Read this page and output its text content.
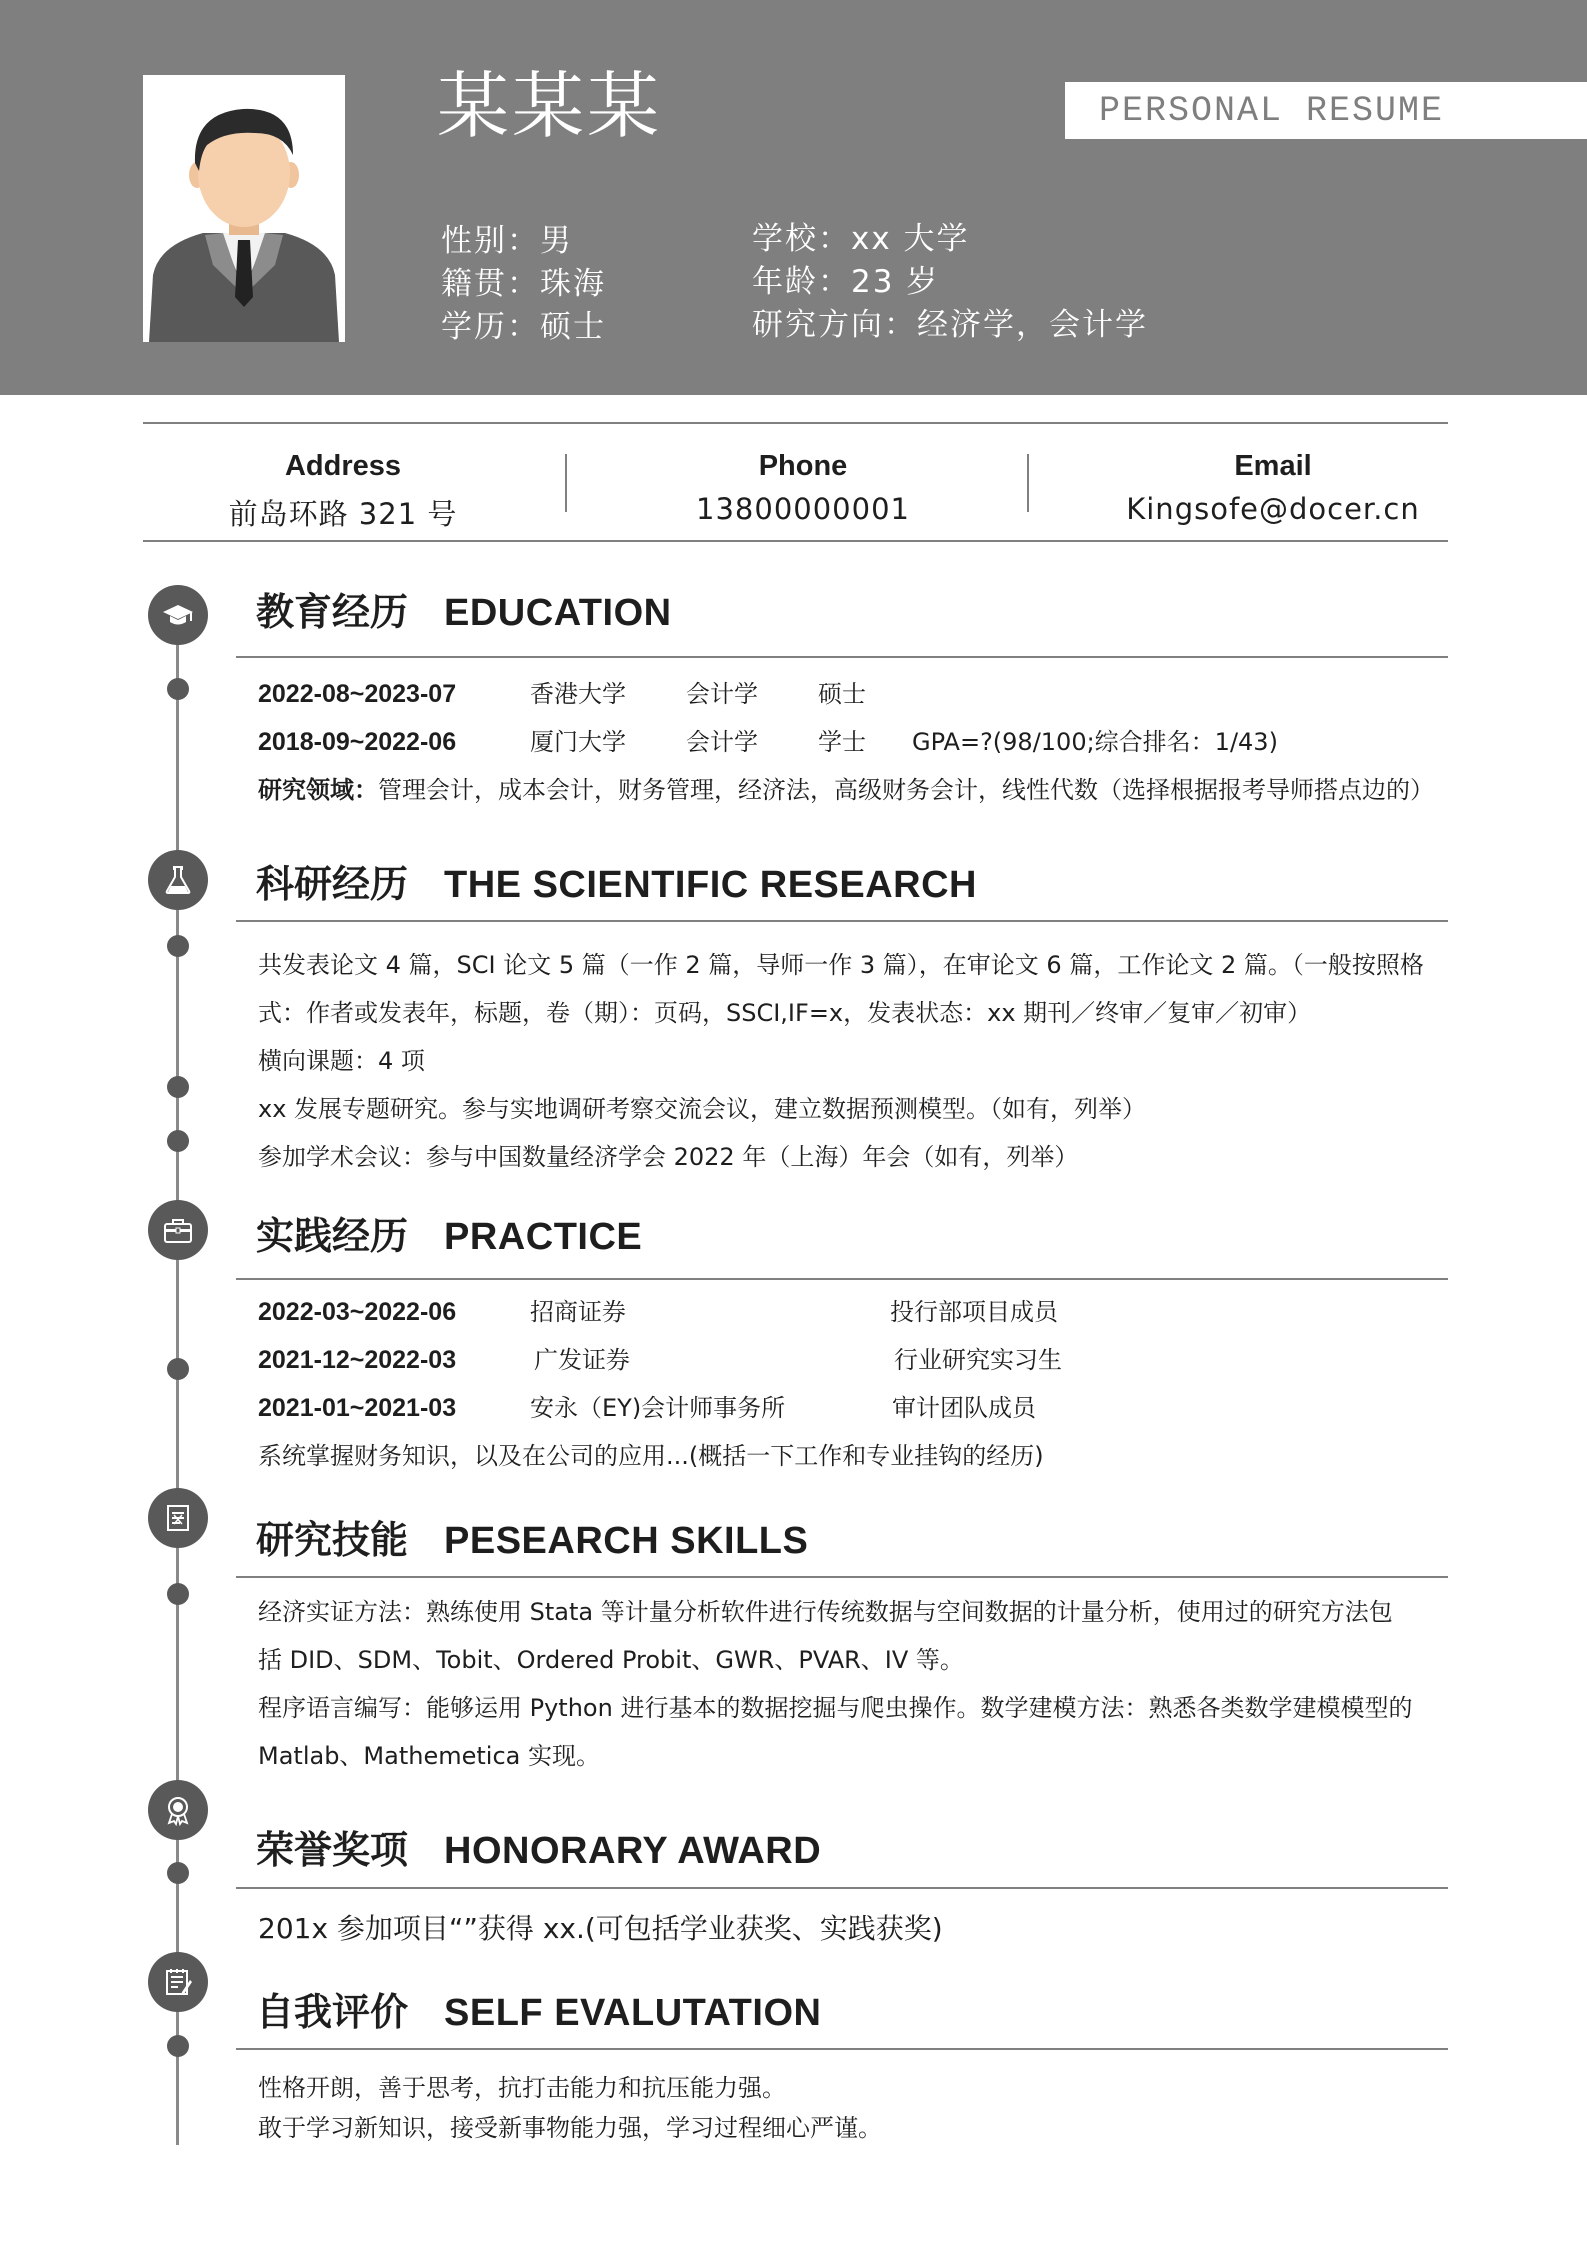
某某某	PERSONAL RESUME
性别：男
籍贯：珠海
学历：硕士
学校：xx 大学
年龄：23 岁
研究方向：经济学，会计学
Address
前岛环路 321 号
Phone
13800000001
Email
Kingsofe@docer.cn
教育经历 EDUCATION
2022-08~2023-07	香港大学	会计学	硕士
2018-09~2022-06	厦门大学	会计学	学士 GPA=?(98/100;综合排名：1/43)
研究领域：管理会计，成本会计，财务管理，经济法，高级财务会计，线性代数（选择根据报考导师搭点边的）
科研经历 THE SCIENTIFIC RESEARCH
共发表论文 4 篇，SCI 论文 5 篇（一作 2 篇，导师一作 3 篇），在审论文 6 篇，工作论文 2 篇。（一般按照格
式：作者或发表年，标题，卷（期）：页码，SSCI,IF=x，发表状态：xx 期刊／终审／复审／初审）
横向课题：4 项
xx 发展专题研究。参与实地调研考察交流会议，建立数据预测模型。（如有，列举）
参加学术会议：参与中国数量经济学会 2022 年（上海）年会（如有，列举）
实践经历 PRACTICE
2022-03~2022-06	招商证券	投行部项目成员
2021-12~2022-03	广发证券	行业研究实习生
2021-01~2021-03	安永（EY)会计师事务所	审计团队成员
系统掌握财务知识，以及在公司的应用...(概括一下工作和专业挂钩的经历)
研究技能 PESEARCH SKILLS
经济实证方法：熟练使用 Stata 等计量分析软件进行传统数据与空间数据的计量分析，使用过的研究方法包
括 DID、SDM、Tobit、Ordered Probit、GWR、PVAR、IV 等。
程序语言编写：能够运用 Python 进行基本的数据挖掘与爬虫操作。数学建模方法：熟悉各类数学建模模型的
Matlab、Mathemetica 实现。
荣誉奖项 HONORARY AWARD
201x 参加项目“”获得 xx.(可包括学业获奖、实践获奖)
自我评价 SELF EVALUTATION
性格开朗，善于思考，抗打击能力和抗压能力强。
敢于学习新知识，接受新事物能力强，学习过程细心严谨。
